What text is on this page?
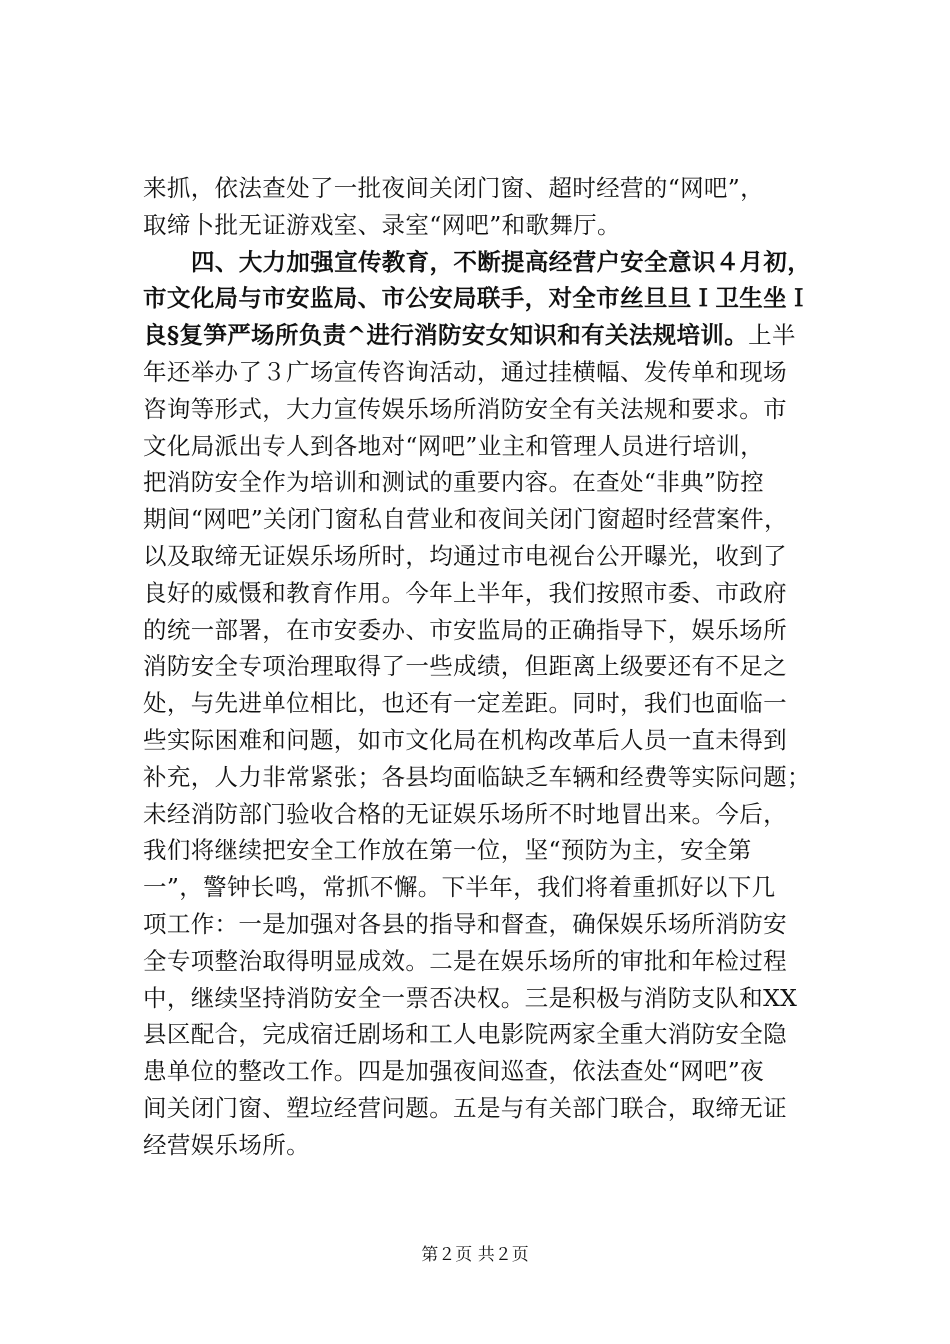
来抓，依法查处了一批夜间关闭门窗、超时经营的“网吧”，
取缔卜批无证游戏室、录室“网吧”和歌舞厅。
四、大力加强宣传教育，不断提高经营户安全意识４月初，
市文化局与市安监局、市公安局联手，对全市丝旦旦Ｉ卫生坐Ｉ
良§复笋严场所负责^进行消防安女知识和有关法规培训。上半
年还举办了３广场宣传咨询活动，通过挂横幅、发传单和现场
咨询等形式，大力宣传娱乐场所消防安全有关法规和要求。市
文化局派出专人到各地对“网吧”业主和管理人员进行培训，
把消防安全作为培训和测试的重要内容。在查处“非典”防控
期间“网吧”关闭门窗私自营业和夜间关闭门窗超时经营案件，
以及取缔无证娱乐场所时，均通过市电视台公开曝光，收到了
良好的威慑和教育作用。今年上半年，我们按照市委、市政府
的统一部署，在市安委办、市安监局的正确指导下，娱乐场所
消防安全专项治理取得了一些成绩，但距离上级要还有不足之
处，与先进单位相比，也还有一定差距。同时，我们也面临一
些实际困难和问题，如市文化局在机构改革后人员一直未得到
补充，人力非常紧张；各县均面临缺乏车辆和经费等实际问题；
未经消防部门验收合格的无证娱乐场所不时地冒出来。今后，
我们将继续把安全工作放在第一位，坚“预防为主，安全第
一”，警钟长鸣，常抓不懈。下半年，我们将着重抓好以下几
项工作：一是加强对各县的指导和督查，确保娱乐场所消防安
全专项整治取得明显成效。二是在娱乐场所的审批和年检过程
中，继续坚持消防安全一票否决权。三是积极与消防支队和XX
县区配合，完成宿迁剧场和工人电影院两家全重大消防安全隐
患单位的整改工作。四是加强夜间巡查，依法查处“网吧”夜
间关闭门窗、塑垃经营问题。五是与有关部门联合，取缔无证
经营娱乐场所。
第２页 共２页
